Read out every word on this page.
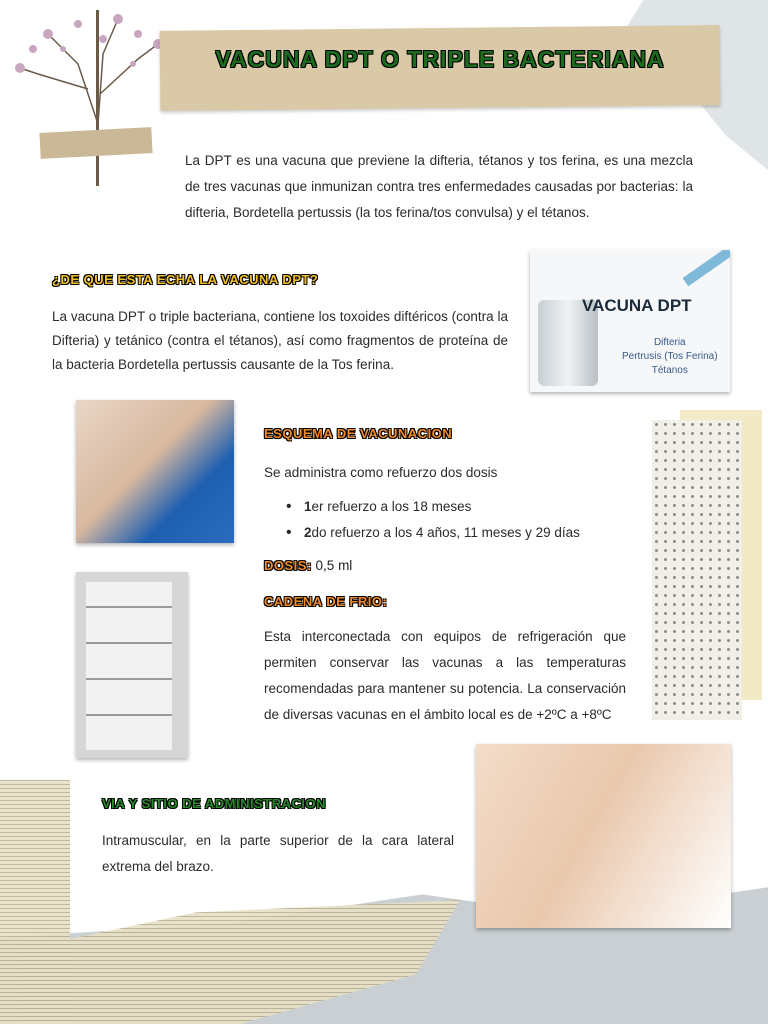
VACUNA DPT O TRIPLE BACTERIANA
La DPT es una vacuna que previene la difteria, tétanos y tos ferina, es una mezcla de tres vacunas que inmunizan contra tres enfermedades causadas por bacterias: la difteria, Bordetella pertussis (la tos ferina/tos convulsa) y el tétanos.
¿DE QUE ESTA ECHA LA VACUNA DPT?
La vacuna DPT o triple bacteriana, contiene los toxoides diftéricos (contra la Difteria) y tetánico (contra el tétanos), así como fragmentos de proteína de la bacteria Bordetella pertussis causante de la Tos ferina.
VACUNA DPT
Difteria
Pertrusis (Tos Ferina)
Tétanos
ESQUEMA DE VACUNACION
Se administra como refuerzo dos dosis
• 1er refuerzo a los 18 meses
• 2do refuerzo a los 4 años, 11 meses y 29 días
DOSIS: 0,5 ml
CADENA DE FRIO:
Esta interconectada con equipos de refrigeración que permiten conservar las vacunas a las temperaturas recomendadas para mantener su potencia. La conservación de diversas vacunas en el ámbito local es de +2ºC a +8ºC
VIA Y SITIO DE ADMINISTRACION
Intramuscular, en la parte superior de la cara lateral extrema del brazo.
